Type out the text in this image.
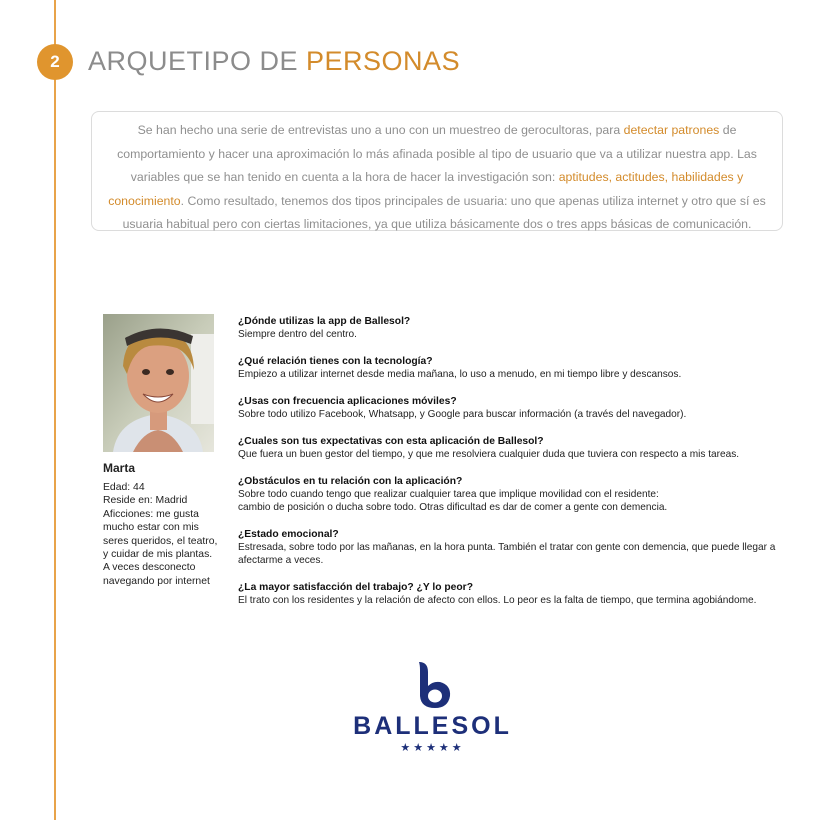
2	ARQUETIPO DE PERSONAS
Se han hecho una serie de entrevistas uno a uno con un muestreo de gerocultoras, para detectar patrones de comportamiento y hacer una aproximación lo más afinada posible al tipo de usuario que va a utilizar nuestra app. Las variables que se han tenido en cuenta a la hora de hacer la investigación son: aptitudes, actitudes, habilidades y conocimiento. Como resultado, tenemos dos tipos principales de usuaria: uno que apenas utiliza internet y otro que sí es usuaria habitual pero con ciertas limitaciones, ya que utiliza básicamente dos o tres apps básicas de comunicación.
Marta
Edad: 44
Reside en: Madrid
Aficciones: me gusta
mucho estar con mis
seres queridos, el teatro,
y cuidar de mis plantas.
A veces desconecto
navegando por internet
¿Dónde utilizas la app de Ballesol?
Siempre dentro del centro.
¿Qué relación tienes con la tecnología?
Empiezo a utilizar internet desde media mañana, lo uso a menudo, en mi tiempo libre y descansos.
¿Usas con frecuencia aplicaciones móviles?
Sobre todo utilizo Facebook, Whatsapp, y Google para buscar información (a través del navegador).
¿Cuales son tus expectativas con esta aplicación de Ballesol?
Que fuera un buen gestor del tiempo, y que me resolviera cualquier duda que tuviera con respecto a mis tareas.
¿Obstáculos en tu relación con la aplicación?
Sobre todo cuando tengo que realizar cualquier tarea que implique movilidad con el residente:
cambio de posición o ducha sobre todo. Otras dificultad es dar de comer a gente con demencia.
¿Estado emocional?
Estresada, sobre todo por las mañanas, en la hora punta. También el tratar con gente con demencia, que puede llegar a
afectarme a veces.
¿La mayor satisfacción del trabajo? ¿Y lo peor?
El trato con los residentes y la relación de afecto con ellos. Lo peor es la falta de tiempo, que termina agobiándome.
BALLESOL
★★★★★
